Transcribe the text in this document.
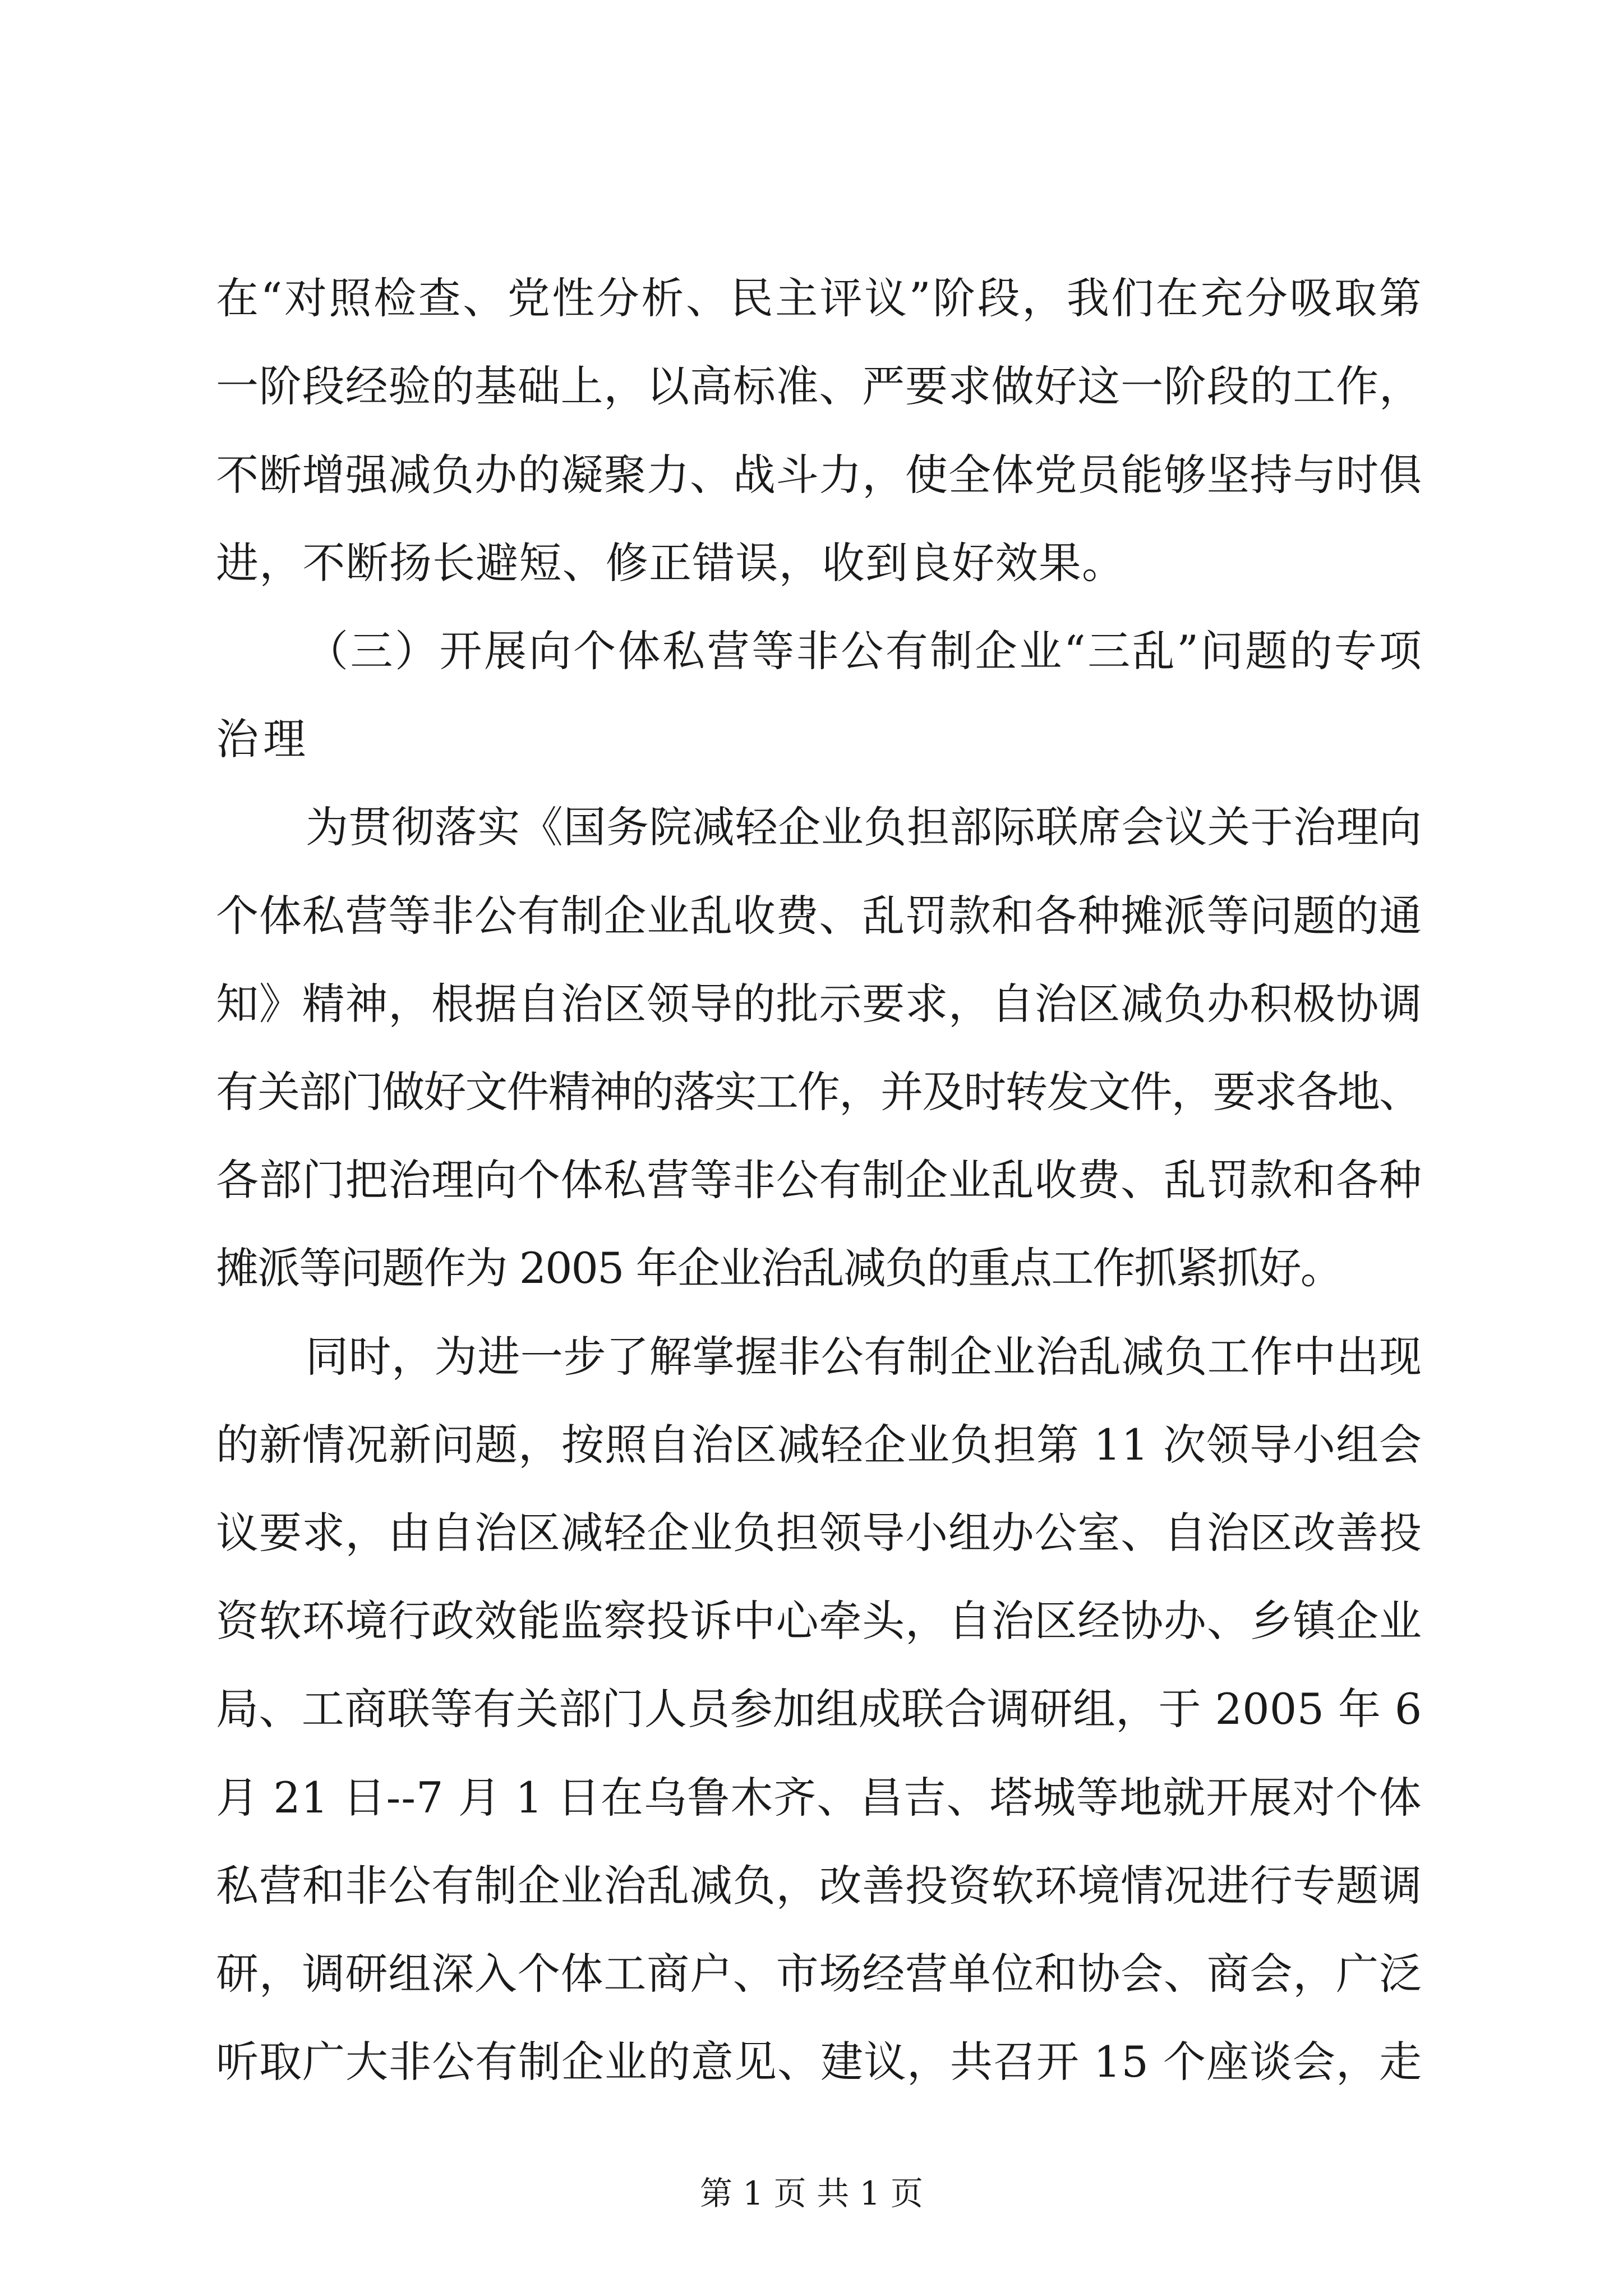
在“对照检查、党性分析、民主评议”阶段，我们在充分吸取第
一阶段经验的基础上，以高标准、严要求做好这一阶段的工作，
不断增强减负办的凝聚力、战斗力，使全体党员能够坚持与时俱
进，不断扬长避短、修正错误，收到良好效果。
（三）开展向个体私营等非公有制企业“三乱”问题的专项
治理
为贯彻落实《国务院减轻企业负担部际联席会议关于治理向
个体私营等非公有制企业乱收费、乱罚款和各种摊派等问题的通
知》精神，根据自治区领导的批示要求，自治区减负办积极协调
有关部门做好文件精神的落实工作，并及时转发文件，要求各地、
各部门把治理向个体私营等非公有制企业乱收费、乱罚款和各种
摊派等问题作为 2005 年企业治乱减负的重点工作抓紧抓好。
同时，为进一步了解掌握非公有制企业治乱减负工作中出现
的新情况新问题，按照自治区减轻企业负担第 11 次领导小组会
议要求，由自治区减轻企业负担领导小组办公室、自治区改善投
资软环境行政效能监察投诉中心牵头，自治区经协办、乡镇企业
局、工商联等有关部门人员参加组成联合调研组，于 2005 年 6
月 21 日--7 月 1 日在乌鲁木齐、昌吉、塔城等地就开展对个体
私营和非公有制企业治乱减负，改善投资软环境情况进行专题调
研，调研组深入个体工商户、市场经营单位和协会、商会，广泛
听取广大非公有制企业的意见、建议，共召开 15 个座谈会，走
第 1 页 共 1 页
